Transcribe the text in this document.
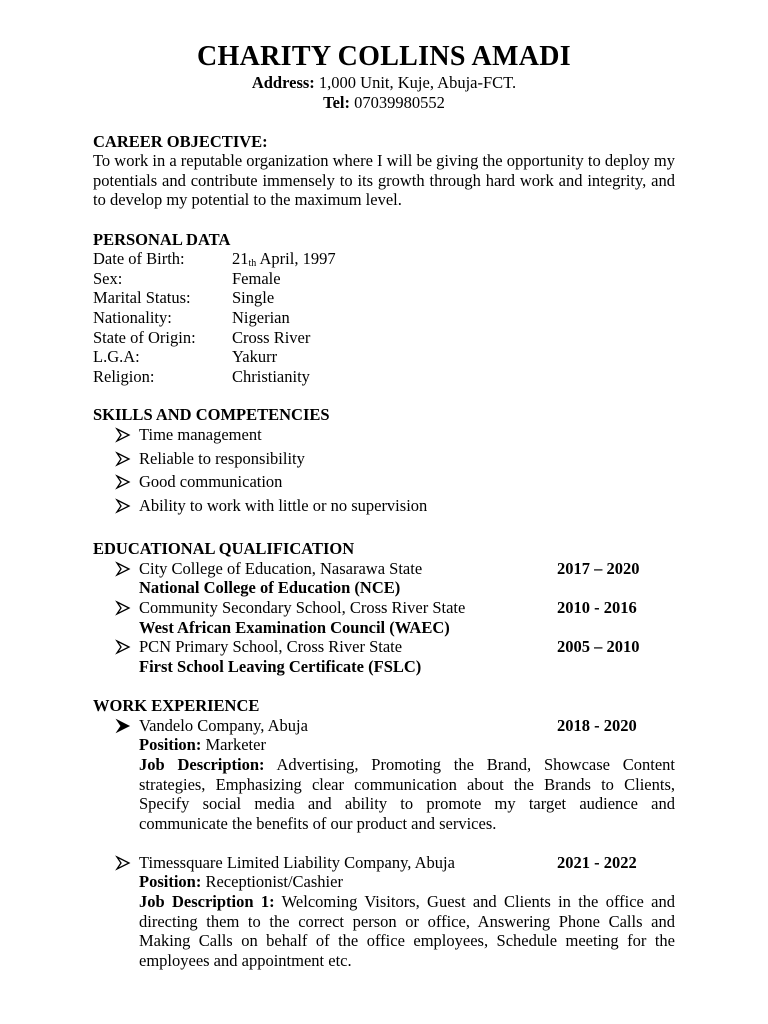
CHARITY COLLINS AMADI
Address: 1,000 Unit, Kuje, Abuja-FCT.
Tel: 07039980552
CAREER OBJECTIVE:
To work in a reputable organization where I will be giving the opportunity to deploy my potentials and contribute immensely to its growth through hard work and integrity, and to develop my potential to the maximum level.
PERSONAL DATA
Date of Birth:	$21_{th}$ April, 1997
Sex:	Female
Marital Status:	Single
Nationality:	Nigerian
State of Origin: Cross River
L.G.A:	Yakurr
Religion:	Christianity
SKILLS AND COMPETENCIES
Time management
Reliable to responsibility
Good communication
Ability to work with little or no supervision
EDUCATIONAL QUALIFICATION
City College of Education, Nasarawa State	2017 – 2020
National College of Education (NCE)
Community Secondary School, Cross River State	2010 - 2016
West African Examination Council (WAEC)
PCN Primary School, Cross River State	2005 – 2010
First School Leaving Certificate (FSLC)
WORK EXPERIENCE
Vandelo Company, Abuja	2018 - 2020
Position: Marketer
Job Description: Advertising, Promoting the Brand, Showcase Content strategies, Emphasizing clear communication about the Brands to Clients, Specify social media and ability to promote my target audience and communicate the benefits of our product and services.
Timessquare Limited Liability Company, Abuja	2021 - 2022
Position: Receptionist/Cashier
Job Description 1: Welcoming Visitors, Guest and Clients in the office and directing them to the correct person or office, Answering Phone Calls and Making Calls on behalf of the office employees, Schedule meeting for the employees and appointment etc.
